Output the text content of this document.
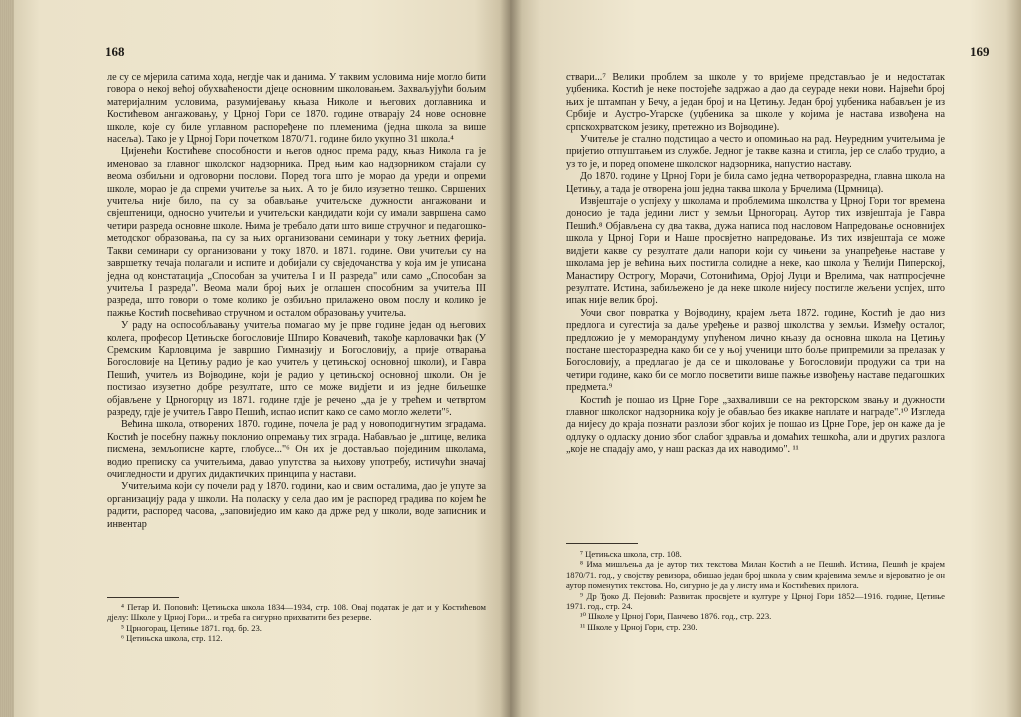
168

ле су се мјерила сатима хода, негдје чак и данима. У таквим условима није могло бити говора о некој већој обухваћености дјеце основним школовањем. Захваљујући бољим материјалним условима, разумијевању књаза Николе и његових доглавника и Костићевом ангажовању, у Црној Гори се 1870. године отварају 24 нове основне школе, које су биле углавном распоређене по племенима (једна школа за више насеља). Тако је у Црној Гори почетком 1870/71. године било укупно 31 школа.⁴

Цијенећи Костићеве способности и његов однос према раду, књаз Никола га је именовао за главног школског надзорника. Пред њим као надзорником стајали су веома озбиљни и одговорни послови. Поред тога што је морао да уреди и опреми школе, морао је да спреми учитеље за њих. А то је било изузетно тешко. Свршених учитеља није било, па су за обављање учитељске дужности ангажовани и свјештеници, односно учитељи и учитељски кандидати који су имали завршена само четири разреда основне школе. Њима је требало дати што више стручног и педагошко-методског образовања, па су за њих организовани семинари у току љетних ферија. Такви семинари су организовани у току 1870. и 1871. године. Ови учитељи су на завршетку течаја полагали и испите и добијали су свједочанства у која им је уписана једна од констатација „Способан за учитеља I и II разреда" или само „Способан за учитеља I разреда". Веома мали број њих је оглашен способним за учитеља III разреда, што говори о томе колико је озбиљно прилажено овом послу и колико је пажње Костић посвећивао стручном и осталом образовању учитеља.

У раду на оспособљавању учитеља помагао му је прве године један од његових колега, професор Цетињске богословије Шпиро Ковачевић, такође карловачки ђак (У Сремским Карловцима је завршио Гимназију и Богословију, а прије отварања Богословије на Цетињу радио је као учитељ у цетињској основној школи), и Гавра Пешић, учитељ из Војводине, који је радио у цетињској основној школи. Он је постизао изузетно добре резултате, што се може видјети и из једне биљешке објављене у Црногорцу из 1871. године гдје је речено „да је у трећем и четвртом разреду, гдје је учитељ Гавро Пешић, испао испит како се само могло желети"⁵.

Већина школа, отворених 1870. године, почела је рад у новоподигнутим зградама. Костић је посебну пажњу поклонио опремању тих зграда. Набављао је „штице, велика писмена, земљописне карте, глобусе..."⁶ Он их је достављао појединим школама, водио преписку са учитељима, давао упутства за њихову употребу, истичући значај очигледности и других дидактичких принципа у настави.

Учитељима који су почели рад у 1870. години, као и свим осталима, дао је упуте за организацију рада у школи. На поласку у села дао им је распоред градива по којем ће радити, распоред часова, „заповиједио им како да држе ред у школи, воде записник и инвентар

⁴ Петар И. Поповић: Цетињска школа 1834—1934, стр. 108. Овај податак је дат и у Костићевом дјелу: Школе у Црној Гори... и треба га сигурно прихватити без резерве.

⁵ Црногорац, Цетиње 1871. год. бр. 23.

⁶ Цетињска школа, стр. 112.

169

ствари...⁷ Велики проблем за школе у то вријеме представљао је и недостатак уџбеника. Костић је неке постојеће задржао а дао да сеураде неки нови. Највећи број њих је штампан у Бечу, а један број и на Цетињу. Један број уџбеника набављен је из Србије и Аустро-Угарске (уџбеника за школе у којима је настава извођена на српскохрватском језику, претежно из Војводине).

Учитеље је стално подстицао а често и опомињао на рад. Неуредним учитељима је пријетио отпуштањем из службе. Једног је такве казна и стигла, јер се слабо трудио, а уз то је, и поред опомене школског надзорника, напустио наставу.

До 1870. године у Црној Гори је била само једна четвороразредна, главна школа на Цетињу, а тада је отворена још једна таква школа у Брчелима (Црмница).

Извјештаје о успјеху у школама и проблемима школства у Црној Гори тог времена доносио је тада једини лист у земљи Црногорац. Аутор тих извјештаја је Гавра Пешић.⁸ Објављена су два таква, дужа написа под насловом Напредовање основнијех школа у Црној Гори и Наше просвјетно напредовање. Из тих извјештаја се може видјети какве су резултате дали напори који су чињени за унапређење наставе у школама јер је већина њих постигла солидне а неке, као школа у Ћелији Пиперској, Манастиру Острогу, Морачи, Сотонићима, Орјој Луци и Врелима, чак натпросјечне резултате. Истина, забиљежено је да неке школе нијесу постигле жељени успјех, што ипак није велик број.

Уочи свог повратка у Војводину, крајем љета 1872. године, Костић је дао низ предлога и сугестија за даље уређење и развој школства у земљи. Између осталог, предложио је у меморандуму упућеном лично књазу да основна школа на Цетињу постане шесторазредна како би се у њој ученици што боље припремили за прелазак у Богословију, а предлагао је да се и школовање у Богословији продужи са три на четири године, како би се могло посветити више пажње извођењу наставе педагошких предмета.⁹

Костић је пошао из Црне Горе „захваливши се на ректорском звању и дужности главног школског надзорника коју је обављао без икакве наплате и награде".¹⁰ Изгледа да нијесу до краја познати разлози због којих је пошао из Црне Горе, јер он каже да је одлуку о одласку донио због слабог здравља и домаћих тешкоћа, али и других разлога „које не спадају амо, у наш расказ да их наводимо". ¹¹

⁷ Цетињска школа, стр. 108.

⁸ Има мишљења да је аутор тих текстова Милан Костић а не Пешић. Истина, Пешић је крајем 1870/71. год., у својству ревизора, обишао један број школа у свим крајевима земље и вјероватно је он аутор поменутих текстова. Но, сигурно је да у листу има и Костићевих прилога.

⁹ Др Ђоко Д. Пејовић: Развитак просвјете и културе у Црној Гори 1852—1916. године, Цетиње 1971. год., стр. 24.

¹⁰ Школе у Црној Гори, Панчево 1876. год., стр. 223.

¹¹ Школе у Црној Гори, стр. 230.
